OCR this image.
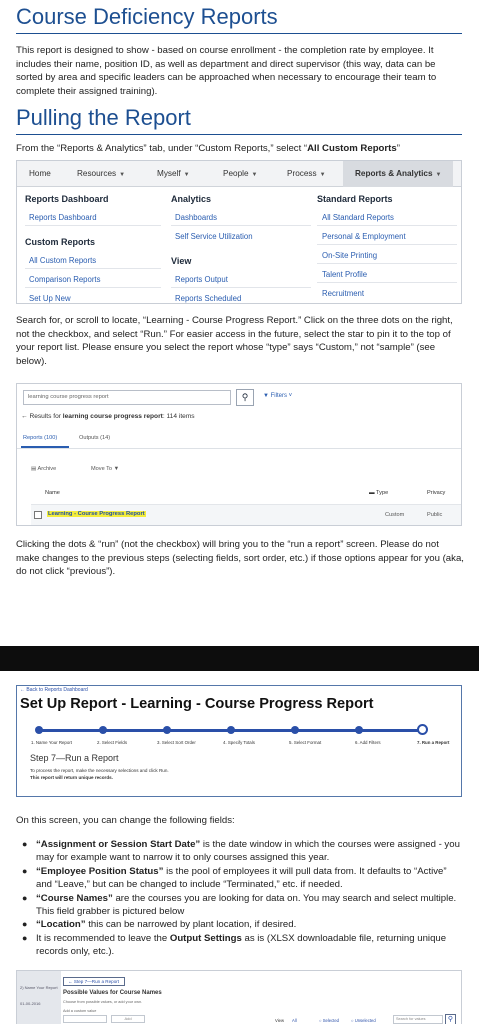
Course Deficiency Reports

This report is designed to show - based on course enrollment - the completion rate by employee. It includes their name, position ID, as well as department and direct supervisor (this way, data can be sorted by area and specific leaders can be approached when necessary to encourage their team to complete their assigned training).

Pulling the Report

From the “Reports & Analytics” tab, under “Custom Reports,” select “All Custom Reports”

Home	Resources ▼	Myself ▼	People ▼	Process ▼	Reports & Analytics ▼
Reports Dashboard
Reports Dashboard
Custom Reports
All Custom Reports
Comparison Reports
Set Up New
Analytics
Dashboards
Self Service Utilization
View
Reports Output
Reports Scheduled
Standard Reports
All Standard Reports
Personal & Employment
On-Site Printing
Talent Profile
Recruitment

Search for, or scroll to locate, “Learning - Course Progress Report.” Click on the three dots on the right, not the checkbox, and select “Run.” For easier access in the future, select the star to pin it to the top of your report list. Please ensure you select the report whose “type” says “Custom,” not “sample” (see below).

learning course progress report	⚲	▼ Filters ˅
← Results for learning course progress report: 114 items
Reports (100)	Outputs (14)
▤ Archive	Move To ▼
Name	▬ Type	Privacy
Learning - Course Progress Report	Custom	Public

Clicking the dots & “run” (not the checkbox) will bring you to the “run a report” screen. Please do not make changes to the previous steps (selecting fields, sort order, etc.) if those options appear for you (aka, do not click “previous”).

← Back to Reports Dashboard
Set Up Report - Learning - Course Progress Report
1. Name Your Report	2. Select Fields	3. Select Sort Order	4. Specify Totals	5. Select Format	6. Add Filters	7. Run a Report
Step 7—Run a Report
To process the report, make the necessary selections and click Run.
This report will return unique records.

On this screen, you can change the following fields:

● “Assignment or Session Start Date” is the date window in which the courses were assigned - you may for example want to narrow it to only courses assigned this year.
● “Employee Position Status” is the pool of employees it will pull data from. It defaults to “Active” and “Leave,” but can be changed to include “Terminated,” etc. if needed.
● “Course Names” are the courses you are looking for data on. You may search and select multiple. This field grabber is pictured below
● “Location” this can be narrowed by plant location, if desired.
● It is recommended to leave the Output Settings as is (XLSX downloadable file, returning unique records only, etc.).
2) Name Your Report
01-00-2016
← Step 7—Run a Report
Possible Values for Course Names
Choose from possible values, or add your own.
Add a custom value
Add	View All	○ Selected	○ Unselected	Search for values	⚲
